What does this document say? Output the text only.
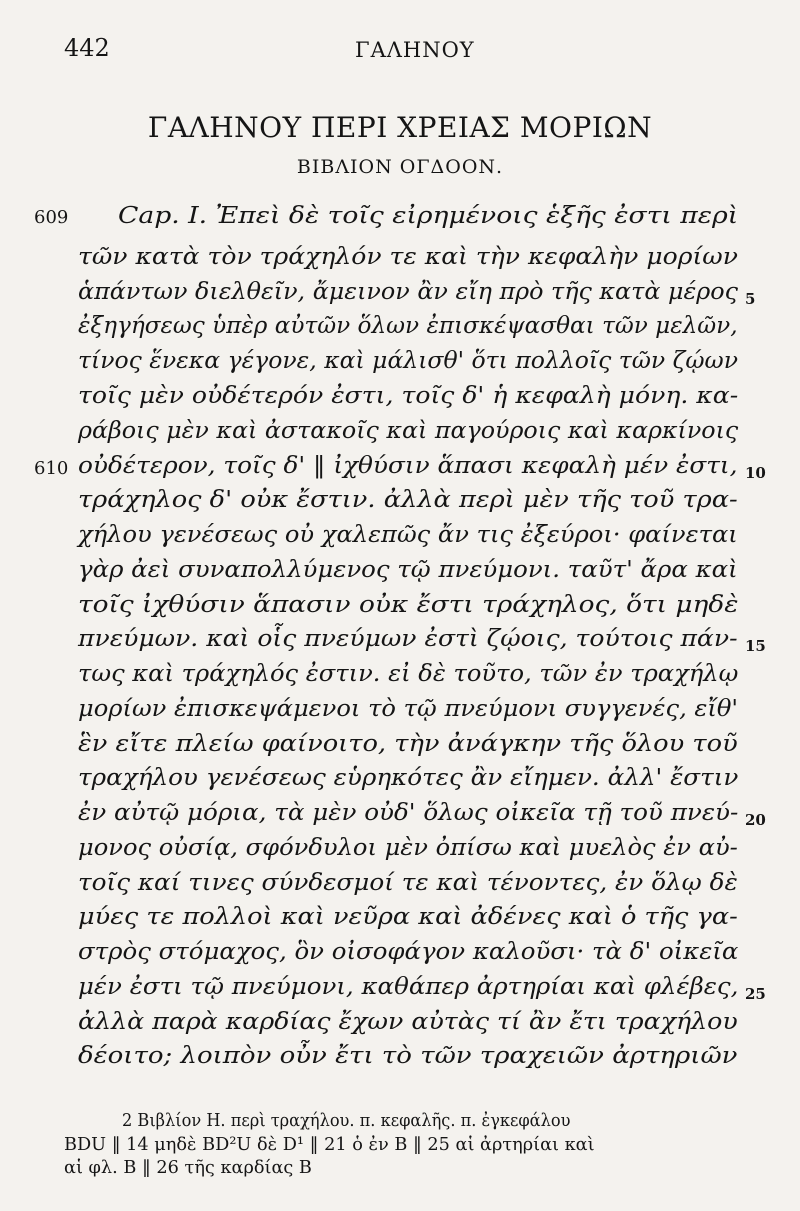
442	ΓΑΛΗΝΟΥ
ΓΑΛΗΝΟΥ ΠΕΡΙ ΧΡΕΙΑΣ ΜΟΡΙΩΝ
ΒΙΒΛΙΟΝ ΟΓΔΟΟΝ.
609
610
Cap. I. Ἐπεὶ δὲ τοῖς εἰρημένοις ἑξῆς ἐστι περὶ
τῶν κατὰ τὸν τράχηλόν τε καὶ τὴν κεφαλὴν μορίων
ἁπάντων διελθεῖν, ἄμεινον ἂν εἴη πρὸ τῆς κατὰ μέρος
ἐξηγήσεως ὑπὲρ αὐτῶν ὅλων ἐπισκέψασθαι τῶν μελῶν,
τίνος ἕνεκα γέγονε, καὶ μάλισθ' ὅτι πολλοῖς τῶν ζῴων
τοῖς μὲν οὐδέτερόν ἐστι, τοῖς δ' ἡ κεφαλὴ μόνη. κα-
ράβοις μὲν καὶ ἀστακοῖς καὶ παγούροις καὶ καρκίνοις
οὐδέτερον, τοῖς δ' ‖ ἰχθύσιν ἅπασι κεφαλὴ μέν ἐστι,
τράχηλος δ' οὐκ ἔστιν. ἀλλὰ περὶ μὲν τῆς τοῦ τρα-
χήλου γενέσεως οὐ χαλεπῶς ἄν τις ἐξεύροι· φαίνεται
γὰρ ἀεὶ συναπολλύμενος τῷ πνεύμονι. ταῦτ' ἄρα καὶ
τοῖς ἰχθύσιν ἅπασιν οὐκ ἔστι τράχηλος, ὅτι μηδὲ
πνεύμων. καὶ οἷς πνεύμων ἐστὶ ζῴοις, τούτοις πάν-
τως καὶ τράχηλός ἐστιν. εἰ δὲ τοῦτο, τῶν ἐν τραχήλῳ
μορίων ἐπισκεψάμενοι τὸ τῷ πνεύμονι συγγενές, εἴθ'
ἓν εἴτε πλείω φαίνοιτο, τὴν ἀνάγκην τῆς ὅλου τοῦ
τραχήλου γενέσεως εὑρηκότες ἂν εἴημεν. ἀλλ' ἔστιν
ἐν αὐτῷ μόρια, τὰ μὲν οὐδ' ὅλως οἰκεῖα τῇ τοῦ πνεύ-
μονος οὐσίᾳ, σφόνδυλοι μὲν ὀπίσω καὶ μυελὸς ἐν αὐ-
τοῖς καί τινες σύνδεσμοί τε καὶ τένοντες, ἐν ὅλῳ δὲ
μύες τε πολλοὶ καὶ νεῦρα καὶ ἀδένες καὶ ὁ τῆς γα-
στρὸς στόμαχος, ὃν οἰσοφάγον καλοῦσι· τὰ δ' οἰκεῖα
μέν ἐστι τῷ πνεύμονι, καθάπερ ἀρτηρίαι καὶ φλέβες,
ἀλλὰ παρὰ καρδίας ἔχων αὐτὰς τί ἂν ἔτι τραχήλου
δέοιτο; λοιπὸν οὖν ἔτι τὸ τῶν τραχειῶν ἀρτηριῶν
5
10
15
20
25
2 Βιβλίον Η. περὶ τραχήλου. π. κεφαλῆς. π. ἐγκεφάλου
BDU ‖ 14 μηδὲ BD²U δὲ D¹ ‖ 21 ὁ ἐν B ‖ 25 αἱ ἀρτηρίαι καὶ
αἱ φλ. B ‖ 26 τῆς καρδίας B
